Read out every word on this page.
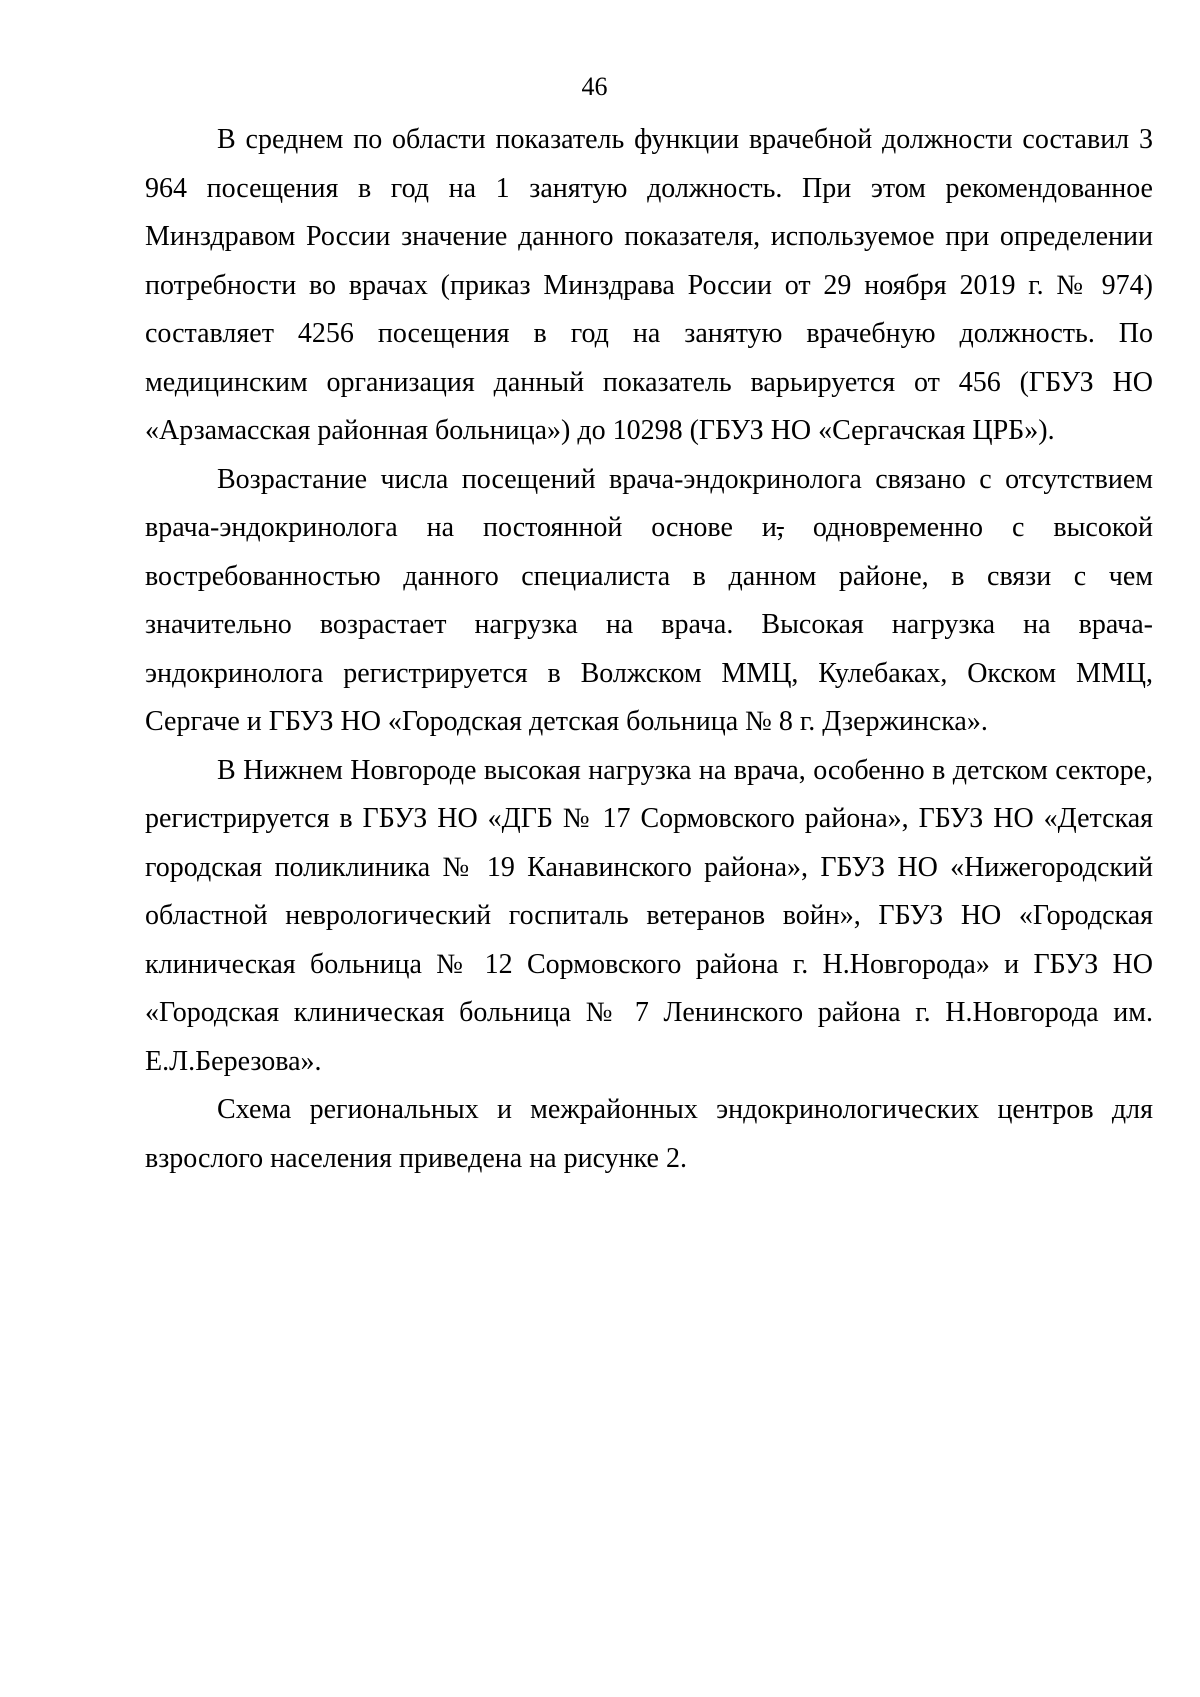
46

В среднем по области показатель функции врачебной должности составил 3 964 посещения в год на 1 занятую должность. При этом рекомендованное Минздравом России значение данного показателя, используемое при определении потребности во врачах (приказ Минздрава России от 29 ноября 2019 г. № 974) составляет 4256 посещения в год на занятую врачебную должность. По медицинским организация данный показатель варьируется от 456 (ГБУЗ НО «Арзамасская районная больница») до 10298 (ГБУЗ НО «Сергачская ЦРБ»).

Возрастание числа посещений врача-эндокринолога связано с отсутствием врача-эндокринолога на постоянной основе и, одновременно с высокой востребованностью данного специалиста в данном районе, в связи с чем значительно возрастает нагрузка на врача. Высокая нагрузка на врача-эндокринолога регистрируется в Волжском ММЦ, Кулебаках, Окском ММЦ, Сергаче и ГБУЗ НО «Городская детская больница № 8 г. Дзержинска».

В Нижнем Новгороде высокая нагрузка на врача, особенно в детском секторе, регистрируется в ГБУЗ НО «ДГБ № 17 Сормовского района», ГБУЗ НО «Детская городская поликлиника № 19 Канавинского района», ГБУЗ НО «Нижегородский областной неврологический госпиталь ветеранов войн», ГБУЗ НО «Городская клиническая больница № 12 Сормовского района г. Н.Новгорода» и ГБУЗ НО «Городская клиническая больница № 7 Ленинского района г. Н.Новгорода им. Е.Л.Березова».

Схема региональных и межрайонных эндокринологических центров для взрослого населения приведена на рисунке 2.
